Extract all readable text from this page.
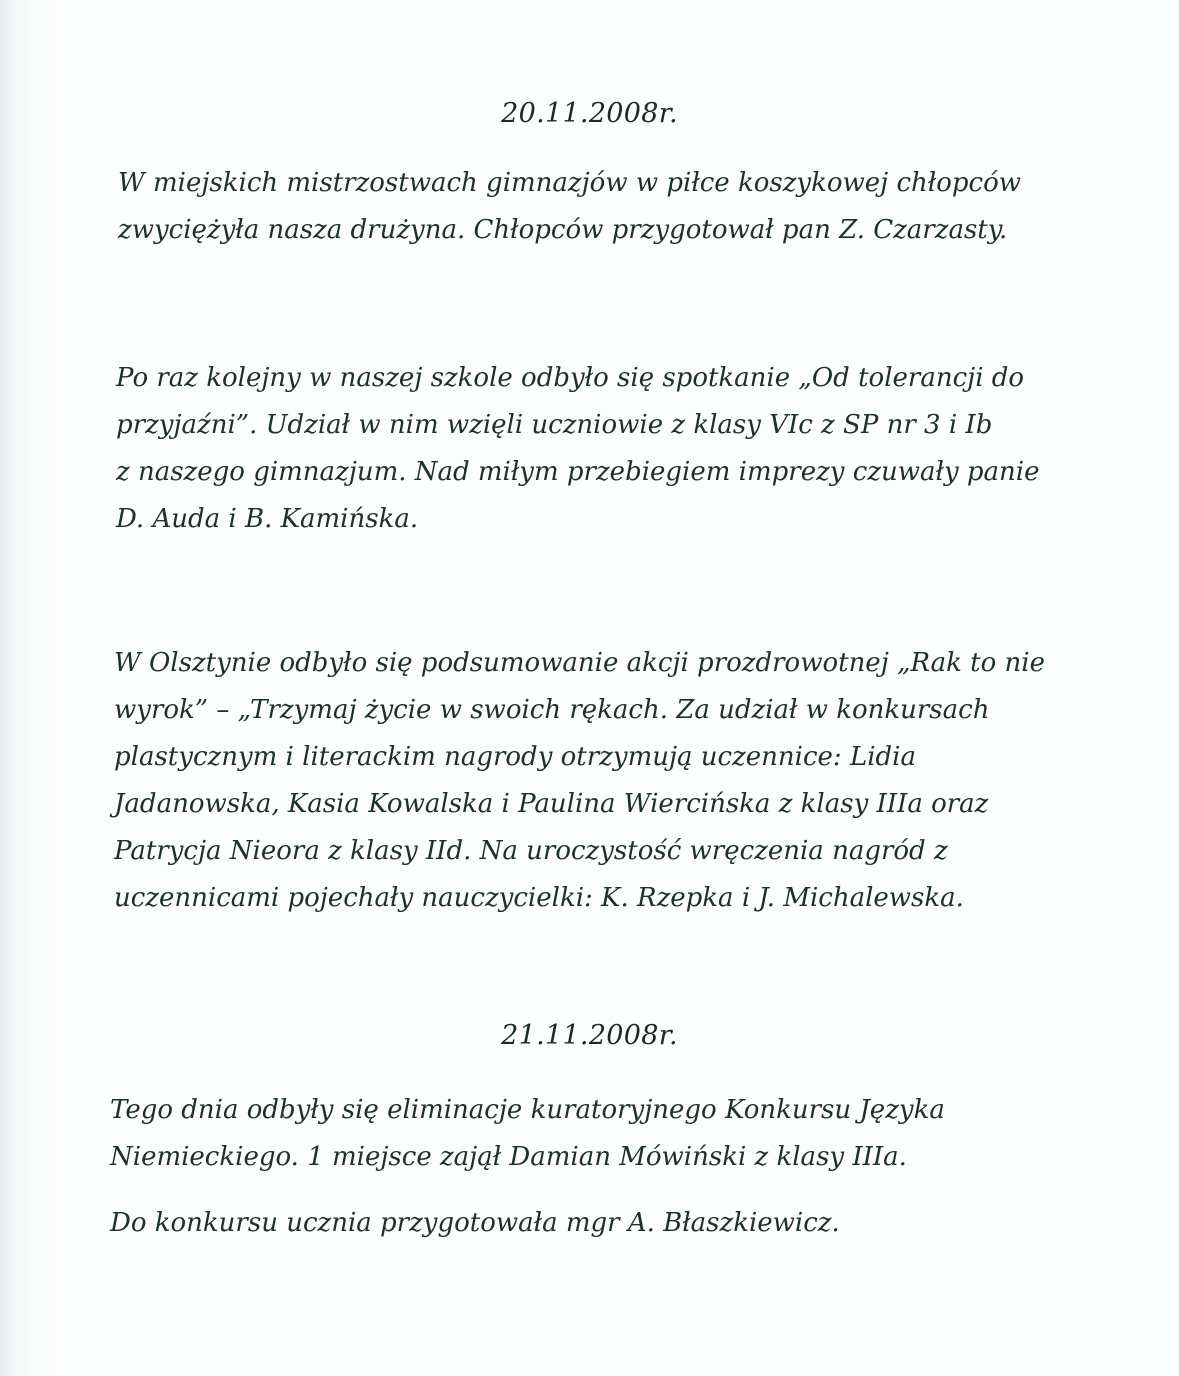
20.11.2008r.

W miejskich mistrzostwach gimnazjów w piłce koszykowej chłopców
zwyciężyła nasza drużyna. Chłopców przygotował pan Z. Czarzasty.

Po raz kolejny w naszej szkole odbyło się spotkanie „Od tolerancji do
przyjaźni”. Udział w nim wzięli uczniowie z klasy VIc z SP nr 3 i Ib
z naszego gimnazjum. Nad miłym przebiegiem imprezy czuwały panie
D. Auda i B. Kamińska.

W Olsztynie odbyło się podsumowanie akcji prozdrowotnej „Rak to nie
wyrok” – „Trzymaj życie w swoich rękach. Za udział w konkursach
plastycznym i literackim nagrody otrzymują uczennice: Lidia
Jadanowska, Kasia Kowalska i Paulina Wiercińska z klasy IIIa oraz
Patrycja Nieora z klasy IId. Na uroczystość wręczenia nagród z
uczennicami pojechały nauczycielki: K. Rzepka i J. Michalewska.

21.11.2008r.

Tego dnia odbyły się eliminacje kuratoryjnego Konkursu Języka
Niemieckiego. 1 miejsce zajął Damian Mówiński z klasy IIIa.

Do konkursu ucznia przygotowała mgr A. Błaszkiewicz.
